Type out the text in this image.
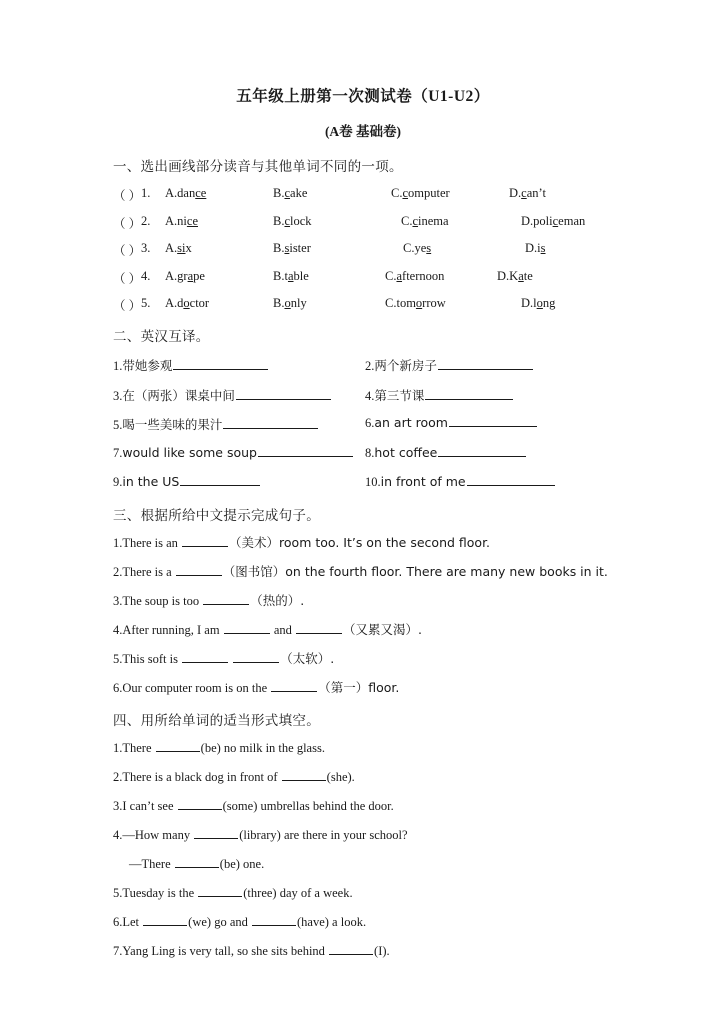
五年级上册第一次测试卷（U1-U2）
(A卷 基础卷)
一、选出画线部分读音与其他单词不同的一项。
（ ） 1. A.dance	B.cake	C.computer	D.can’t
（ ） 2. A.nice	B.clock	C.cinema	D.policeman
（ ） 3. A.six	B.sister	C.yes	D.is
（ ） 4. A.grape	B.table	C.afternoon	D.Kate
（ ） 5. A.doctor	B.only	C.tomorrow	D.long
二、英汉互译。
1.带她参观	2.两个新房子
3.在（两张）课桌中间	4.第三节课
5.喝一些美味的果汁	6.an art room
7.would like some soup	8.hot coffee
9.in the US	10.in front of me
三、根据所给中文提示完成句子。
1.There is an	（美术）room too. It’s on the second floor.
2.There is a	（图书馆）on the fourth floor. There are many new books in it.
3.The soup is too	（热的）.
4.After running, I am	and	（又累又渴）.
5.This soft is	（太软）.
6.Our computer room is on the	（第一）floor.
四、用所给单词的适当形式填空。
1.There	(be) no milk in the glass.
2.There is a black dog in front of	(she).
3.I can’t see	(some) umbrellas behind the door.
4.—How many	(library) are there in your school?
—There	(be) one.
5.Tuesday is the	(three) day of a week.
6.Let	(we) go and	(have) a look.
7.Yang Ling is very tall, so she sits behind	(I).
